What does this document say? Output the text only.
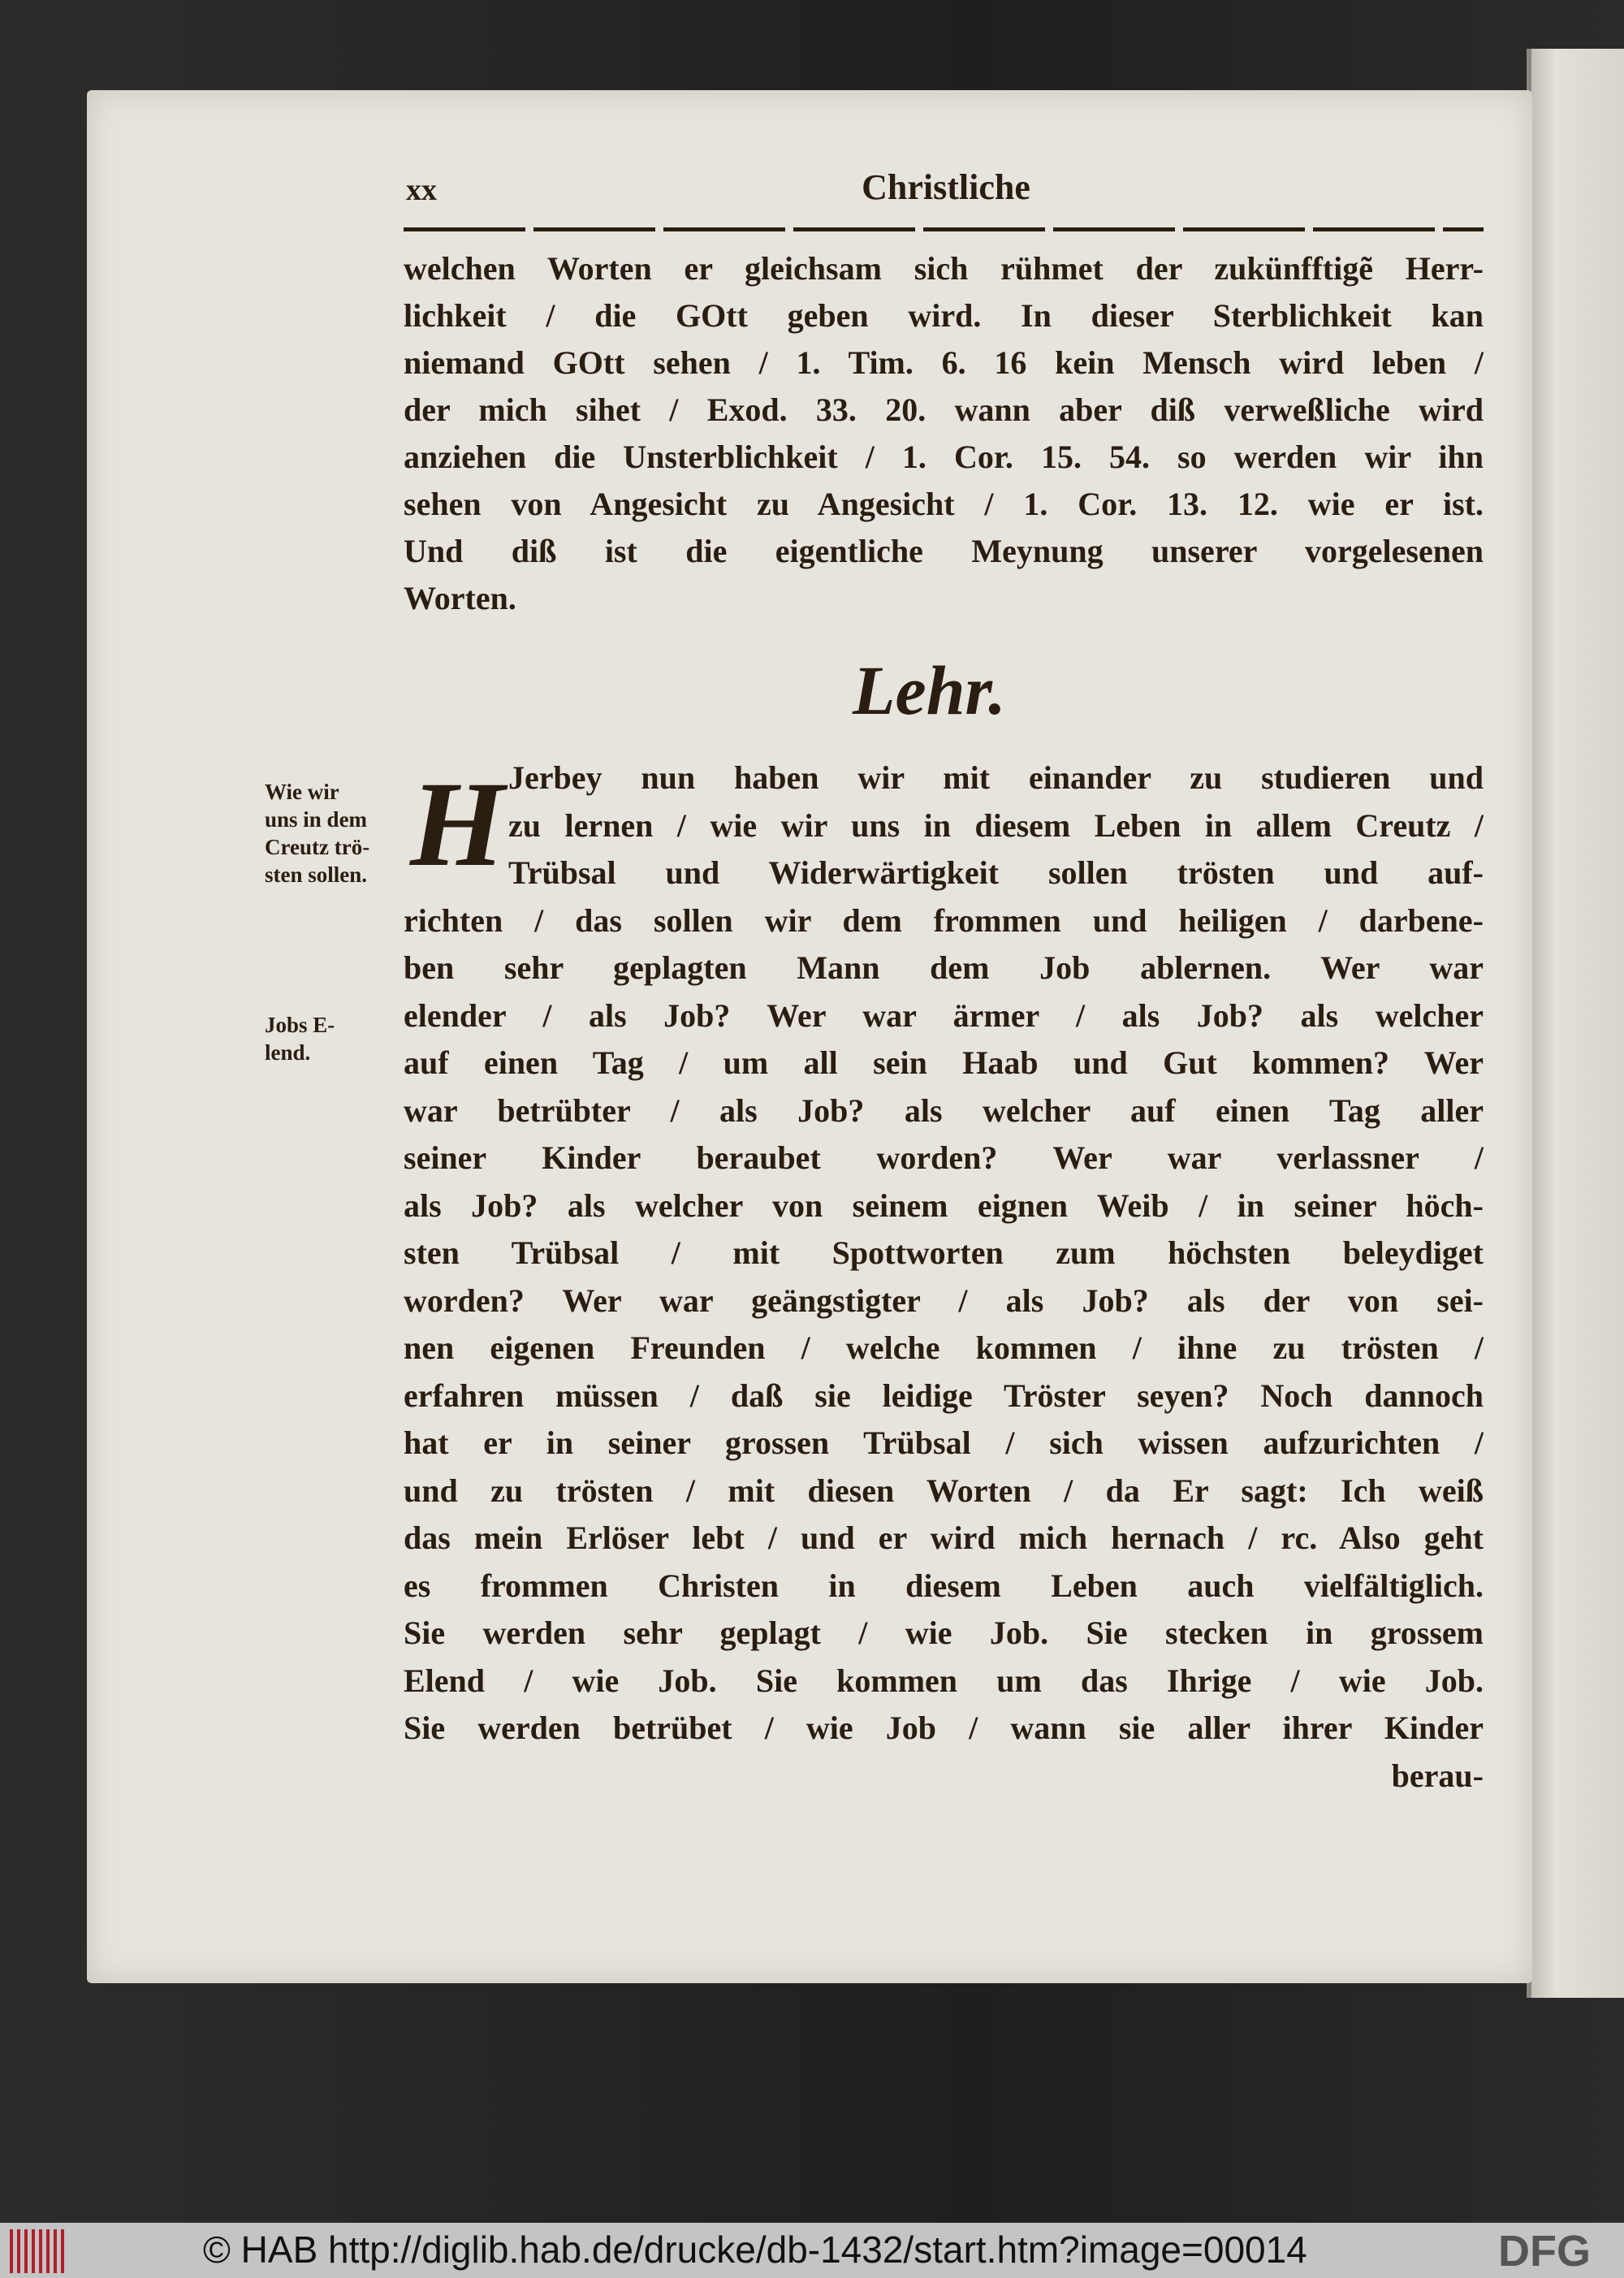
xx	Christliche
welchen Worten er gleichsam sich rühmet der zukünfftigẽ Herr-
lichkeit / die GOtt geben wird. In dieser Sterblichkeit kan
niemand GOtt sehen / 1. Tim. 6. 16 kein Mensch wird leben /
der mich sihet / Exod. 33. 20. wann aber diß verweßliche wird
anziehen die Unsterblichkeit / 1. Cor. 15. 54. so werden wir ihn
sehen von Angesicht zu Angesicht / 1. Cor. 13. 12. wie er ist.
Und diß ist die eigentliche Meynung unserer vorgelesenen
Worten.
Lehr.
H Jerbey nun haben wir mit einander zu studieren und
zu lernen / wie wir uns in diesem Leben in allem Creutz /
Trübsal und Widerwärtigkeit sollen trösten und auf-
richten / das sollen wir dem frommen und heiligen / darbene-
ben sehr geplagten Mann dem Job ablernen. Wer war
elender / als Job? Wer war ärmer / als Job? als welcher
auf einen Tag / um all sein Haab und Gut kommen? Wer
war betrübter / als Job? als welcher auf einen Tag aller
seiner Kinder beraubet worden? Wer war verlassner /
als Job? als welcher von seinem eignen Weib / in seiner höch-
sten Trübsal / mit Spottworten zum höchsten beleydiget
worden? Wer war geängstigter / als Job? als der von sei-
nen eigenen Freunden / welche kommen / ihne zu trösten /
erfahren müssen / daß sie leidige Tröster seyen? Noch dannoch
hat er in seiner grossen Trübsal / sich wissen aufzurichten /
und zu trösten / mit diesen Worten / da Er sagt: Ich weiß
das mein Erlöser lebt / und er wird mich hernach / rc. Also geht
es frommen Christen in diesem Leben auch vielfältiglich.
Sie werden sehr geplagt / wie Job. Sie stecken in grossem
Elend / wie Job. Sie kommen um das Ihrige / wie Job.
Sie werden betrübet / wie Job / wann sie aller ihrer Kinder
berau-
Wie wir
uns in dem
Creutz trö-
sten sollen.
Jobs E-
lend.
© HAB http://diglib.hab.de/drucke/db-1432/start.htm?image=00014	DFG
